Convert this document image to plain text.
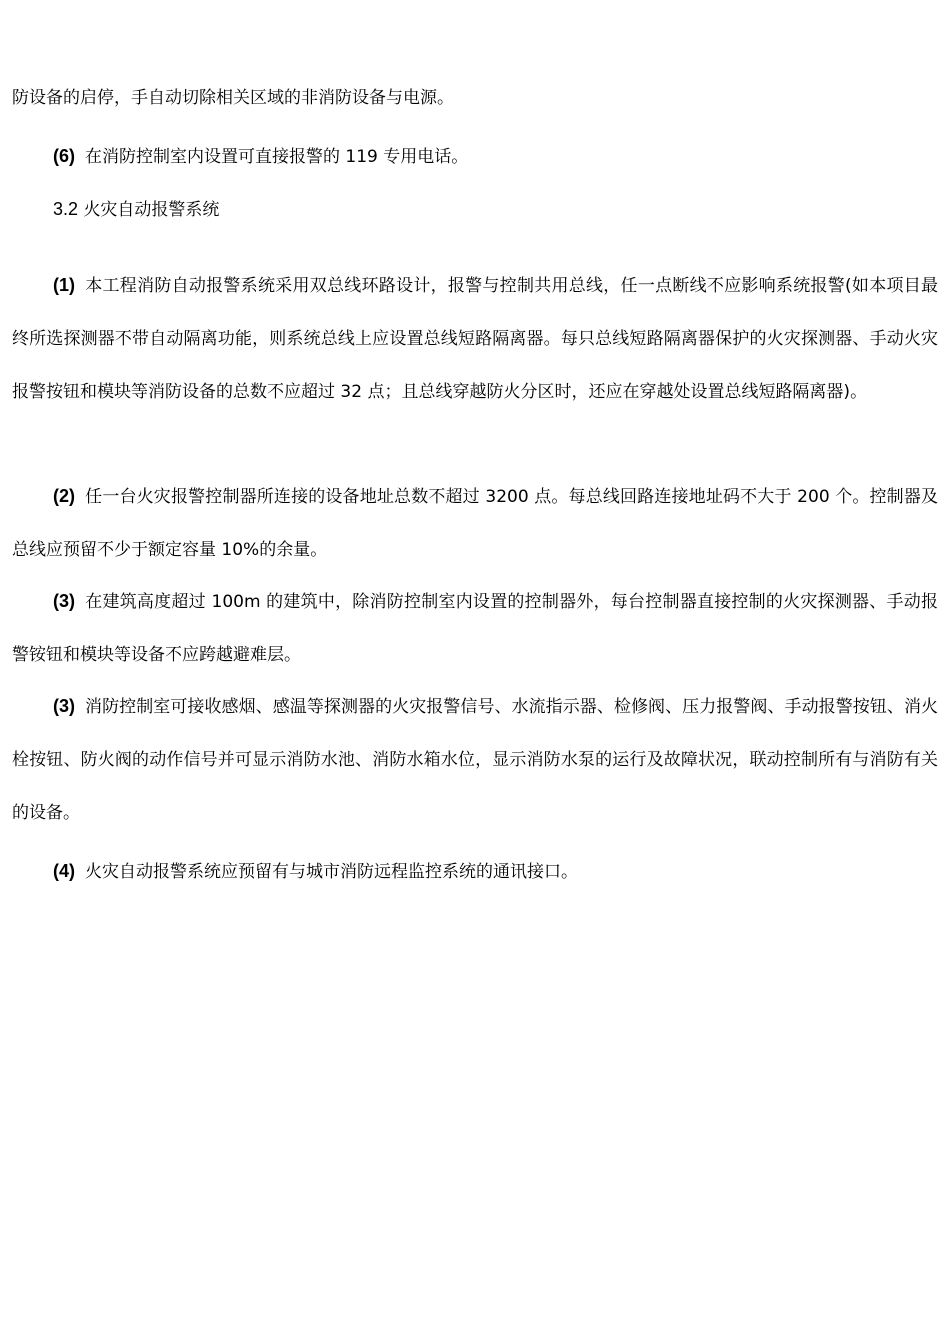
防设备的启停，手自动切除相关区域的非消防设备与电源。

(6) 在消防控制室内设置可直接报警的 119 专用电话。

3.2 火灾自动报警系统

(1) 本工程消防自动报警系统采用双总线环路设计，报警与控制共用总线，任一点断线不应影响系统报警(如本项目最终所选探测器不带自动隔离功能，则系统总线上应设置总线短路隔离器。每只总线短路隔离器保护的火灾探测器、手动火灾报警按钮和模块等消防设备的总数不应超过 32 点；且总线穿越防火分区时，还应在穿越处设置总线短路隔离器)。

(2) 任一台火灾报警控制器所连接的设备地址总数不超过 3200 点。每总线回路连接地址码不大于 200 个。控制器及总线应预留不少于额定容量 10%的余量。

(3) 在建筑高度超过 100m 的建筑中，除消防控制室内设置的控制器外，每台控制器直接控制的火灾探测器、手动报警铵钮和模块等设备不应跨越避难层。

(3) 消防控制室可接收感烟、感温等探测器的火灾报警信号、水流指示器、检修阀、压力报警阀、手动报警按钮、消火栓按钮、防火阀的动作信号并可显示消防水池、消防水箱水位，显示消防水泵的运行及故障状况，联动控制所有与消防有关的设备。

(4) 火灾自动报警系统应预留有与城市消防远程监控系统的通讯接口。
